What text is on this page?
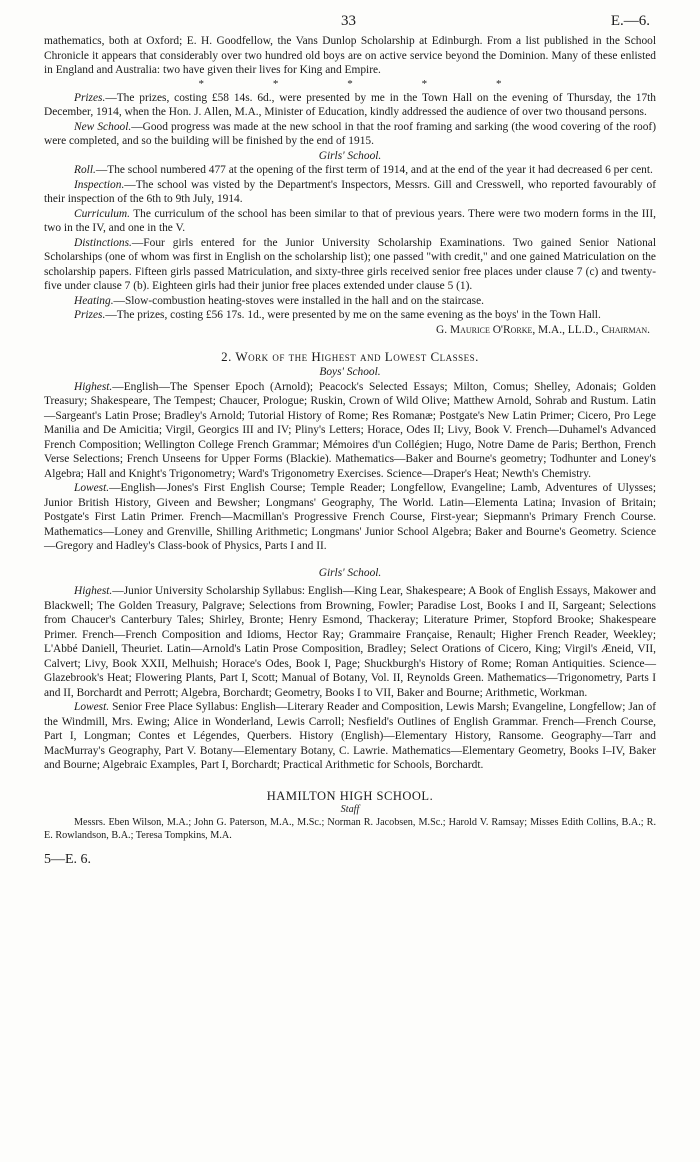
33	E.—6.

mathematics, both at Oxford; E. H. Goodfellow, the Vans Dunlop Scholarship at Edinburgh. From a list published in the School Chronicle it appears that considerably over two hundred old boys are on active service beyond the Dominion. Many of these enlisted in England and Australia: two have given their lives for King and Empire.

*	*	*	*	*

Prizes.—The prizes, costing £58 14s. 6d., were presented by me in the Town Hall on the evening of Thursday, the 17th December, 1914, when the Hon. J. Allen, M.A., Minister of Education, kindly addressed the audience of over two thousand persons.

New School.—Good progress was made at the new school in that the roof framing and sarking (the wood covering of the roof) were completed, and so the building will be finished by the end of 1915.

Girls' School.

Roll.—The school numbered 477 at the opening of the first term of 1914, and at the end of the year it had decreased 6 per cent.

Inspection.—The school was visted by the Department's Inspectors, Messrs. Gill and Cresswell, who reported favourably of their inspection of the 6th to 9th July, 1914.

Curriculum. The curriculum of the school has been similar to that of previous years. There were two modern forms in the III, two in the IV, and one in the V.

Distinctions.—Four girls entered for the Junior University Scholarship Examinations. Two gained Senior National Scholarships (one of whom was first in English on the scholarship list); one passed "with credit," and one gained Matriculation on the scholarship papers. Fifteen girls passed Matriculation, and sixty-three girls received senior free places under clause 7 (c) and twenty-five under clause 7 (b). Eighteen girls had their junior free places extended under clause 5 (1).

Heating.—Slow-combustion heating-stoves were installed in the hall and on the staircase.

Prizes.—The prizes, costing £56 17s. 1d., were presented by me on the same evening as the boys' in the Town Hall.

G. Maurice O'Rorke, M.A., LL.D., Chairman.
2. Work of the Highest and Lowest Classes.
Boys' School.

Highest.—English—The Spenser Epoch (Arnold); Peacock's Selected Essays; Milton, Comus; Shelley, Adonais; Golden Treasury; Shakespeare, The Tempest; Chaucer, Prologue; Ruskin, Crown of Wild Olive; Matthew Arnold, Sohrab and Rustum. Latin—Sargeant's Latin Prose; Bradley's Arnold; Tutorial History of Rome; Res Romanæ; Postgate's New Latin Primer; Cicero, Pro Lege Manilia and De Amicitia; Virgil, Georgics III and IV; Pliny's Letters; Horace, Odes II; Livy, Book V. French—Duhamel's Advanced French Composition; Wellington College French Grammar; Mémoires d'un Collégien; Hugo, Notre Dame de Paris; Berthon, French Verse Selections; French Unseens for Upper Forms (Blackie). Mathematics—Baker and Bourne's geometry; Todhunter and Loney's Algebra; Hall and Knight's Trigonometry; Ward's Trigonometry Exercises. Science—Draper's Heat; Newth's Chemistry.

Lowest.—English—Jones's First English Course; Temple Reader; Longfellow, Evangeline; Lamb, Adventures of Ulysses; Junior British History, Giveen and Bewsher; Longmans' Geography, The World. Latin—Elementa Latina; Invasion of Britain; Postgate's First Latin Primer. French—Macmillan's Progressive French Course, First-year; Siepmann's Primary French Course. Mathematics—Loney and Grenville, Shilling Arithmetic; Longmans' Junior School Algebra; Baker and Bourne's Geometry. Science—Gregory and Hadley's Class-book of Physics, Parts I and II.

Girls' School.

Highest.—Junior University Scholarship Syllabus: English—King Lear, Shakespeare; A Book of English Essays, Makower and Blackwell; The Golden Treasury, Palgrave; Selections from Browning, Fowler; Paradise Lost, Books I and II, Sargeant; Selections from Chaucer's Canterbury Tales; Shirley, Bronte; Henry Esmond, Thackeray; Literature Primer, Stopford Brooke; Shakespeare Primer. French—French Composition and Idioms, Hector Ray; Grammaire Française, Renault; Higher French Reader, Weekley; L'Abbé Daniell, Theuriet. Latin—Arnold's Latin Prose Composition, Bradley; Select Orations of Cicero, King; Virgil's Æneid, VII, Calvert; Livy, Book XXII, Melhuish; Horace's Odes, Book I, Page; Shuckburgh's History of Rome; Roman Antiquities. Science—Glazebrook's Heat; Flowering Plants, Part I, Scott; Manual of Botany, Vol. II, Reynolds Green. Mathematics—Trigonometry, Parts I and II, Borchardt and Perrott; Algebra, Borchardt; Geometry, Books I to VII, Baker and Bourne; Arithmetic, Workman.

Lowest. Senior Free Place Syllabus: English—Literary Reader and Composition, Lewis Marsh; Evangeline, Longfellow; Jan of the Windmill, Mrs. Ewing; Alice in Wonderland, Lewis Carroll; Nesfield's Outlines of English Grammar. French—French Course, Part I, Longman; Contes et Légendes, Querbers. History (English)—Elementary History, Ransome. Geography—Tarr and MacMurray's Geography, Part V. Botany—Elementary Botany, C. Lawrie. Mathematics—Elementary Geometry, Books I–IV, Baker and Bourne; Algebraic Examples, Part I, Borchardt; Practical Arithmetic for Schools, Borchardt.

HAMILTON HIGH SCHOOL.
Staff

Messrs. Eben Wilson, M.A.; John G. Paterson, M.A., M.Sc.; Norman R. Jacobsen, M.Sc.; Harold V. Ramsay; Misses Edith Collins, B.A.; R. E. Rowlandson, B.A.; Teresa Tompkins, M.A.

5—E. 6.
